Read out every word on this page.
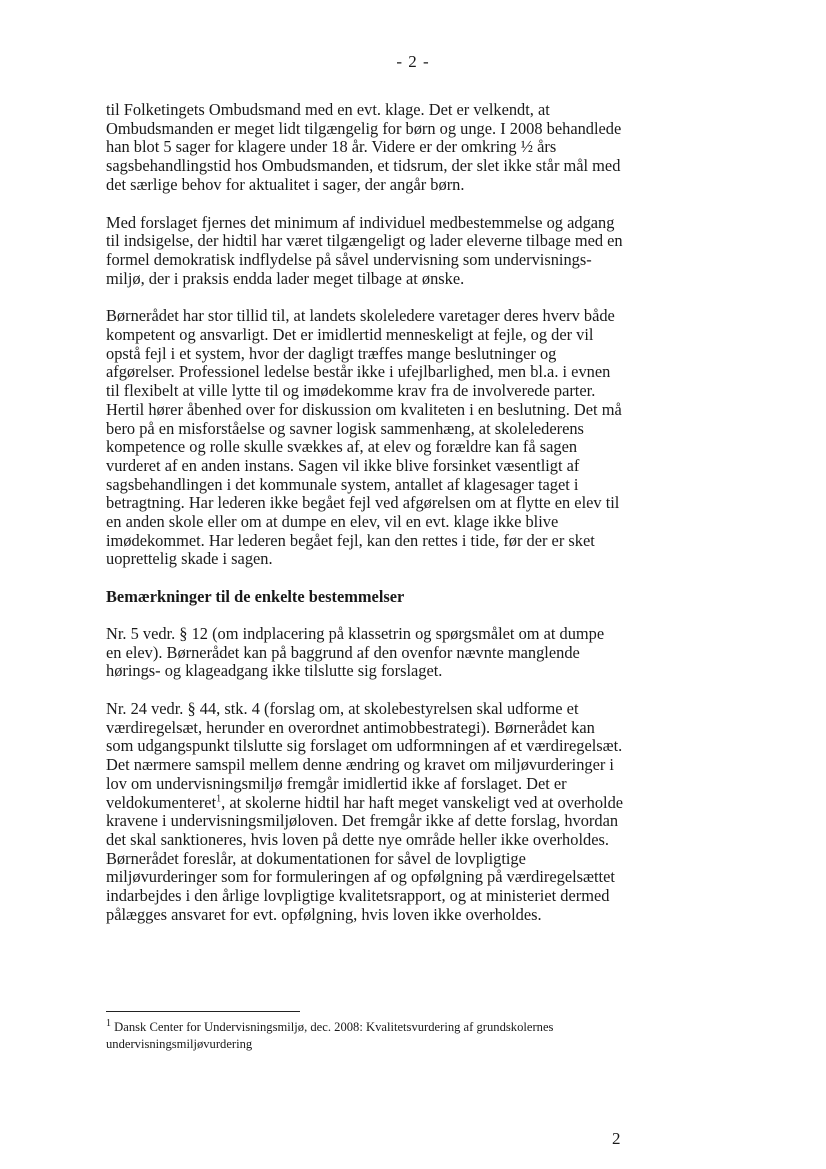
- 2 -

til Folketingets Ombudsmand med en evt. klage. Det er velkendt, at
Ombudsmanden er meget lidt tilgængelig for børn og unge. I 2008 behandlede
han blot 5 sager for klagere under 18 år. Videre er der omkring ½ års
sagsbehandlingstid hos Ombudsmanden, et tidsrum, der slet ikke står mål med
det særlige behov for aktualitet i sager, der angår børn.

Med forslaget fjernes det minimum af individuel medbestemmelse og adgang
til indsigelse, der hidtil har været tilgængeligt og lader eleverne tilbage med en
formel demokratisk indflydelse på såvel undervisning som undervisnings-
miljø, der i praksis endda lader meget tilbage at ønske.

Børnerådet har stor tillid til, at landets skoleledere varetager deres hverv både
kompetent og ansvarligt. Det er imidlertid menneskeligt at fejle, og der vil
opstå fejl i et system, hvor der dagligt træffes mange beslutninger og
afgørelser. Professionel ledelse består ikke i ufejlbarlighed, men bl.a. i evnen
til flexibelt at ville lytte til og imødekomme krav fra de involverede parter.
Hertil hører åbenhed over for diskussion om kvaliteten i en beslutning. Det må
bero på en misforståelse og savner logisk sammenhæng, at skolelederens
kompetence og rolle skulle svækkes af, at elev og forældre kan få sagen
vurderet af en anden instans. Sagen vil ikke blive forsinket væsentligt af
sagsbehandlingen i det kommunale system, antallet af klagesager taget i
betragtning. Har lederen ikke begået fejl ved afgørelsen om at flytte en elev til
en anden skole eller om at dumpe en elev, vil en evt. klage ikke blive
imødekommet. Har lederen begået fejl, kan den rettes i tide, før der er sket
uoprettelig skade i sagen.

Bemærkninger til de enkelte bestemmelser

Nr. 5 vedr. § 12 (om indplacering på klassetrin og spørgsmålet om at dumpe
en elev). Børnerådet kan på baggrund af den ovenfor nævnte manglende
hørings- og klageadgang ikke tilslutte sig forslaget.

Nr. 24 vedr. § 44, stk. 4 (forslag om, at skolebestyrelsen skal udforme et
værdiregelsæt, herunder en overordnet antimobbestrategi). Børnerådet kan
som udgangspunkt tilslutte sig forslaget om udformningen af et værdiregelsæt.
Det nærmere samspil mellem denne ændring og kravet om miljøvurderinger i
lov om undervisningsmiljø fremgår imidlertid ikke af forslaget. Det er
veldokumenteret$^1$, at skolerne hidtil har haft meget vanskeligt ved at overholde
kravene i undervisningsmiljøloven. Det fremgår ikke af dette forslag, hvordan
det skal sanktioneres, hvis loven på dette nye område heller ikke overholdes.
Børnerådet foreslår, at dokumentationen for såvel de lovpligtige
miljøvurderinger som for formuleringen af og opfølgning på værdiregelsættet
indarbejdes i den årlige lovpligtige kvalitetsrapport, og at ministeriet dermed
pålægges ansvaret for evt. opfølgning, hvis loven ikke overholdes.

$^1$ Dansk Center for Undervisningsmiljø, dec. 2008: Kvalitetsvurdering af grundskolernes
undervisningsmiljøvurdering
2
